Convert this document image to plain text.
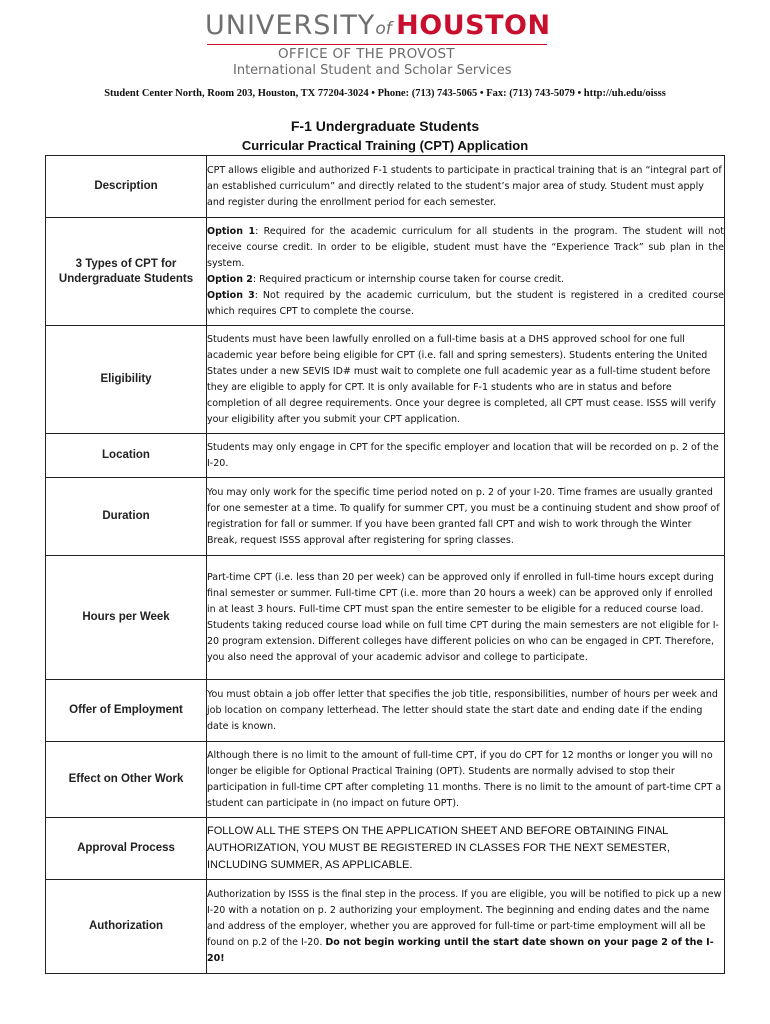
UNIVERSITYof HOUSTON
OFFICE OF THE PROVOST
International Student and Scholar Services
Student Center North, Room 203, Houston, TX 77204-3024 • Phone: (713) 743-5065 • Fax: (713) 743-5079 • http://uh.edu/oisss
F-1 Undergraduate Students
Curricular Practical Training (CPT) Application
Description	CPT allows eligible and authorized F-1 students to participate in practical training that is an “integral part of an established curriculum” and directly related to the student’s major area of study. Student must apply and register during the enrollment period for each semester.

3 Types of CPT for Undergraduate Students	Option 1: Required for the academic curriculum for all students in the program. The student will not receive course credit. In order to be eligible, student must have the “Experience Track” sub plan in the system.

Option 2: Required practicum or internship course taken for course credit.

Option 3: Not required by the academic curriculum, but the student is registered in a credited course which requires CPT to complete the course.

Eligibility	Students must have been lawfully enrolled on a full-time basis at a DHS approved school for one full academic year before being eligible for CPT (i.e. fall and spring semesters). Students entering the United States under a new SEVIS ID# must wait to complete one full academic year as a full-time student before they are eligible to apply for CPT. It is only available for F-1 students who are in status and before completion of all degree requirements. Once your degree is completed, all CPT must cease. ISSS will verify your eligibility after you submit your CPT application.

Location	Students may only engage in CPT for the specific employer and location that will be recorded on p. 2 of the I-20.

Duration	You may only work for the specific time period noted on p. 2 of your I-20. Time frames are usually granted for one semester at a time. To qualify for summer CPT, you must be a continuing student and show proof of registration for fall or summer. If you have been granted fall CPT and wish to work through the Winter Break, request ISSS approval after registering for spring classes.

Hours per Week	Part-time CPT (i.e. less than 20 per week) can be approved only if enrolled in full-time hours except during final semester or summer. Full-time CPT (i.e. more than 20 hours a week) can be approved only if enrolled in at least 3 hours. Full-time CPT must span the entire semester to be eligible for a reduced course load. Students taking reduced course load while on full time CPT during the main semesters are not eligible for I-20 program extension. Different colleges have different policies on who can be engaged in CPT. Therefore, you also need the approval of your academic advisor and college to participate.

Offer of Employment	You must obtain a job offer letter that specifies the job title, responsibilities, number of hours per week and job location on company letterhead. The letter should state the start date and ending date if the ending date is known.

Effect on Other Work	Although there is no limit to the amount of full-time CPT, if you do CPT for 12 months or longer you will no longer be eligible for Optional Practical Training (OPT). Students are normally advised to stop their participation in full-time CPT after completing 11 months. There is no limit to the amount of part-time CPT a student can participate in (no impact on future OPT).

Approval Process	FOLLOW ALL THE STEPS ON THE APPLICATION SHEET AND BEFORE OBTAINING FINAL AUTHORIZATION, YOU MUST BE REGISTERED IN CLASSES FOR THE NEXT SEMESTER, INCLUDING SUMMER, AS APPLICABLE.

Authorization	Authorization by ISSS is the final step in the process. If you are eligible, you will be notified to pick up a new I-20 with a notation on p. 2 authorizing your employment. The beginning and ending dates and the name and address of the employer, whether you are approved for full-time or part-time employment will all be found on p.2 of the I-20. Do not begin working until the start date shown on your page 2 of the I-20!
